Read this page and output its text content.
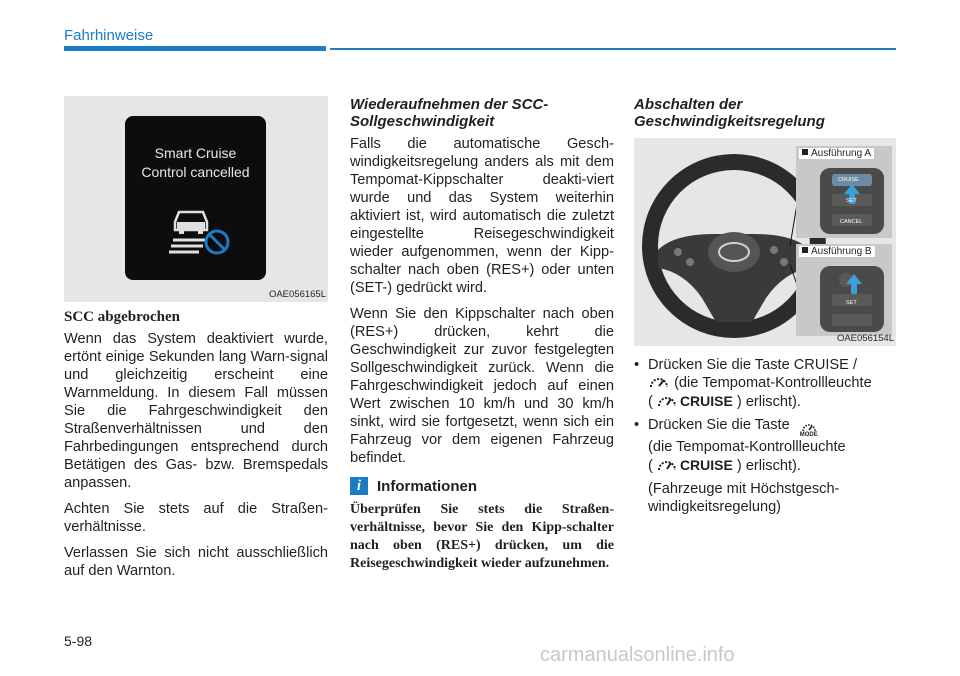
Fahrhinweise
Smart Cruise
Control cancelled
OAE056165L
SCC abgebrochen

Wenn das System deaktiviert wurde, ertönt einige Sekunden lang Warn-signal und gleichzeitig erscheint eine Warnmeldung. In diesem Fall müssen Sie die Fahrgeschwindigkeit den Straßenverhältnissen und den Fahrbedingungen entsprechend durch Betätigen des Gas- bzw. Bremspedals anpassen.

Achten Sie stets auf die Straßen-verhältnisse.

Verlassen Sie sich nicht ausschließlich auf den Warnton.

Wiederaufnehmen der SCC-Sollgeschwindigkeit

Falls die automatische Gesch-windigkeitsregelung anders als mit dem Tempomat-Kippschalter deakti-viert wurde und das System weiterhin aktiviert ist, wird automatisch die zuletzt eingestellte Reisegeschwindigkeit wieder aufgenommen, wenn der Kipp-schalter nach oben (RES+) oder unten (SET-) gedrückt wird.

Wenn Sie den Kippschalter nach oben (RES+) drücken, kehrt die Geschwindigkeit zur zuvor festgelegten Sollgeschwindigkeit zurück. Wenn die Fahrgeschwindigkeit jedoch auf einen Wert zwischen 10 km/h und 30 km/h sinkt, wird sie fortgesetzt, wenn sich ein Fahrzeug vor dem eigenen Fahrzeug befindet.

i	Informationen
Überprüfen Sie stets die Straßen-verhältnisse, bevor Sie den Kipp-schalter nach oben (RES+) drücken, um die Reisegeschwindigkeit wieder aufzunehmen.
Abschalten der Geschwindigkeitsregelung
Ausführung A
CRUISE
SET
CANCEL
Ausführung B
SET
OAE056154L
• Drücken Sie die Taste CRUISE /
(die Tempomat-Kontrollleuchte
( CRUISE ) erlischt).
• Drücken Sie die Taste
MODE

(die Tempomat-Kontrollleuchte
( CRUISE ) erlischt).
(Fahrzeuge mit Höchstgesch-windigkeitsregelung)
5-98
carmanualsonline.info
